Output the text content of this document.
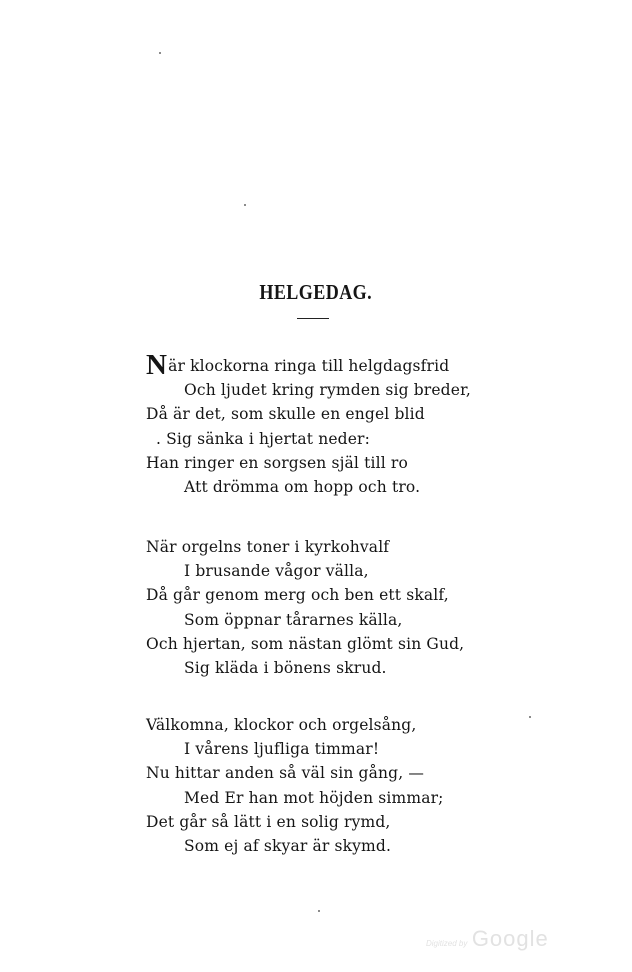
HELGEDAG.
När klockorna ringa till helgdagsfrid
Och ljudet kring rymden sig breder,
Då är det, som skulle en engel blid
. Sig sänka i hjertat neder:
Han ringer en sorgsen själ till ro
Att drömma om hopp och tro.
När orgelns toner i kyrkohvalf
I brusande vågor välla,
Då går genom merg och ben ett skalf,
Som öppnar tårarnes källa,
Och hjertan, som nästan glömt sin Gud,
Sig kläda i bönens skrud.
Välkomna, klockor och orgelsång,
I vårens ljufliga timmar!
Nu hittar anden så väl sin gång, —
Med Er han mot höjden simmar;
Det går så lätt i en solig rymd,
Som ej af skyar är skymd.
Digitized by Google
